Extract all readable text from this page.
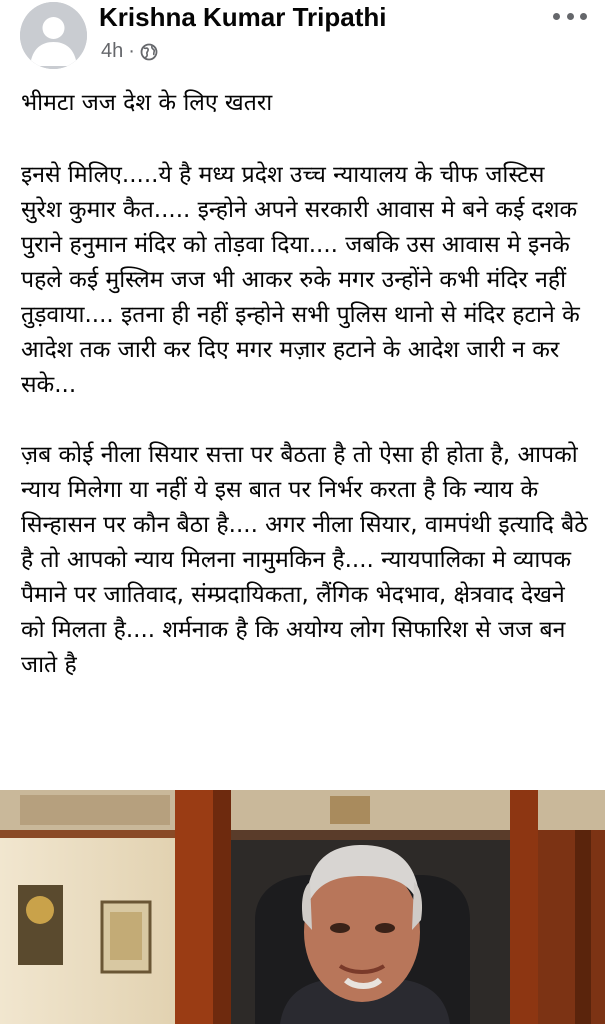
Krishna Kumar Tripathi
4h ·

भीमटा जज देश के लिए खतरा

इनसे मिलिए.....ये है मध्य प्रदेश उच्च न्यायालय के चीफ जस्टिस सुरेश कुमार कैत..... इन्होने अपने सरकारी आवास मे बने कई दशक पुराने हनुमान मंदिर को तोड़वा दिया.... जबकि उस आवास मे इनके पहले कई मुस्लिम जज भी आकर रुके मगर उन्होंने कभी मंदिर नहीं तुड़वाया.... इतना ही नहीं इन्होने सभी पुलिस थानो से मंदिर हटाने के आदेश तक जारी कर दिए मगर मज़ार हटाने के आदेश जारी न कर सके...

ज़ब कोई नीला सियार सत्ता पर बैठता है तो ऐसा ही होता है, आपको न्याय मिलेगा या नहीं ये इस बात पर निर्भर करता है कि न्याय के सिन्हासन पर कौन बैठा है.... अगर नीला सियार, वामपंथी इत्यादि बैठे है तो आपको न्याय मिलना नामुमकिन है.... न्यायपालिका मे व्यापक पैमाने पर जातिवाद, संम्प्रदायिकता, लैंगिक भेदभाव, क्षेत्रवाद देखने को मिलता है.... शर्मनाक है कि अयोग्य लोग सिफारिश से जज बन जाते है
